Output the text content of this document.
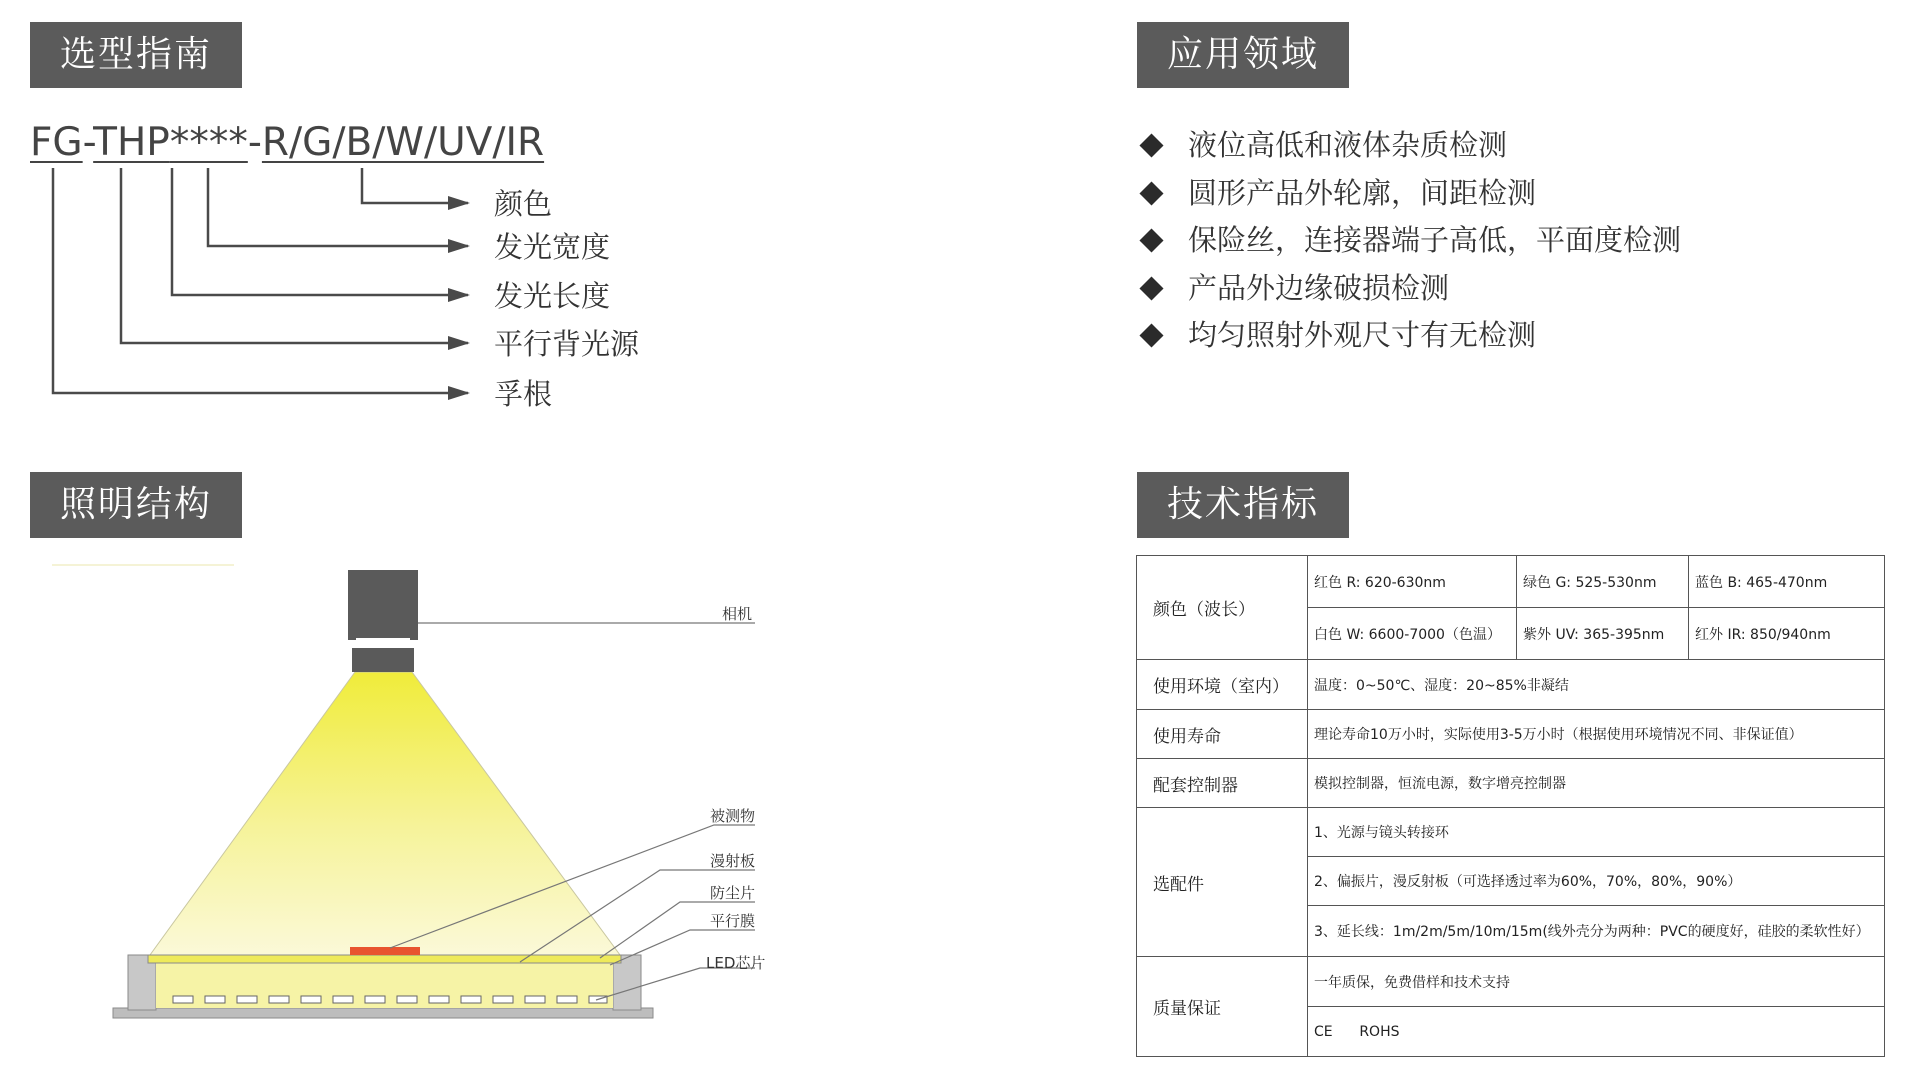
选型指南	应用领域
照明结构	技术指标
FG-THP****-R/G/B/W/UV/IR
颜色
发光宽度
发光长度
平行背光源
孚根
液位高低和液体杂质检测
圆形产品外轮廓，间距检测
保险丝，连接器端子高低，平面度检测
产品外边缘破损检测
均匀照射外观尺寸有无检测
相机
被测物
漫射板
防尘片
平行膜
LED芯片
颜色（波长）	红色 R: 620-630nm	绿色 G: 525-530nm	蓝色 B: 465-470nm
	白色 W: 6600-7000（色温）	紫外 UV: 365-395nm	红外 IR: 850/940nm
使用环境（室内）	温度：0~50℃、湿度：20~85%非凝结		
使用寿命	理论寿命10万小时，实际使用3-5万小时（根据使用环境情况不同、非保证值）		
配套控制器	模拟控制器，恒流电源，数字增亮控制器		
选配件	1、光源与镜头转接环		
	2、偏振片，漫反射板（可选择透过率为60%，70%，80%，90%）		
	3、延长线：1m/2m/5m/10m/15m(线外壳分为两种：PVC的硬度好，硅胶的柔软性好）		
质量保证	一年质保，免费借样和技术支持		
	CE      ROHS		
